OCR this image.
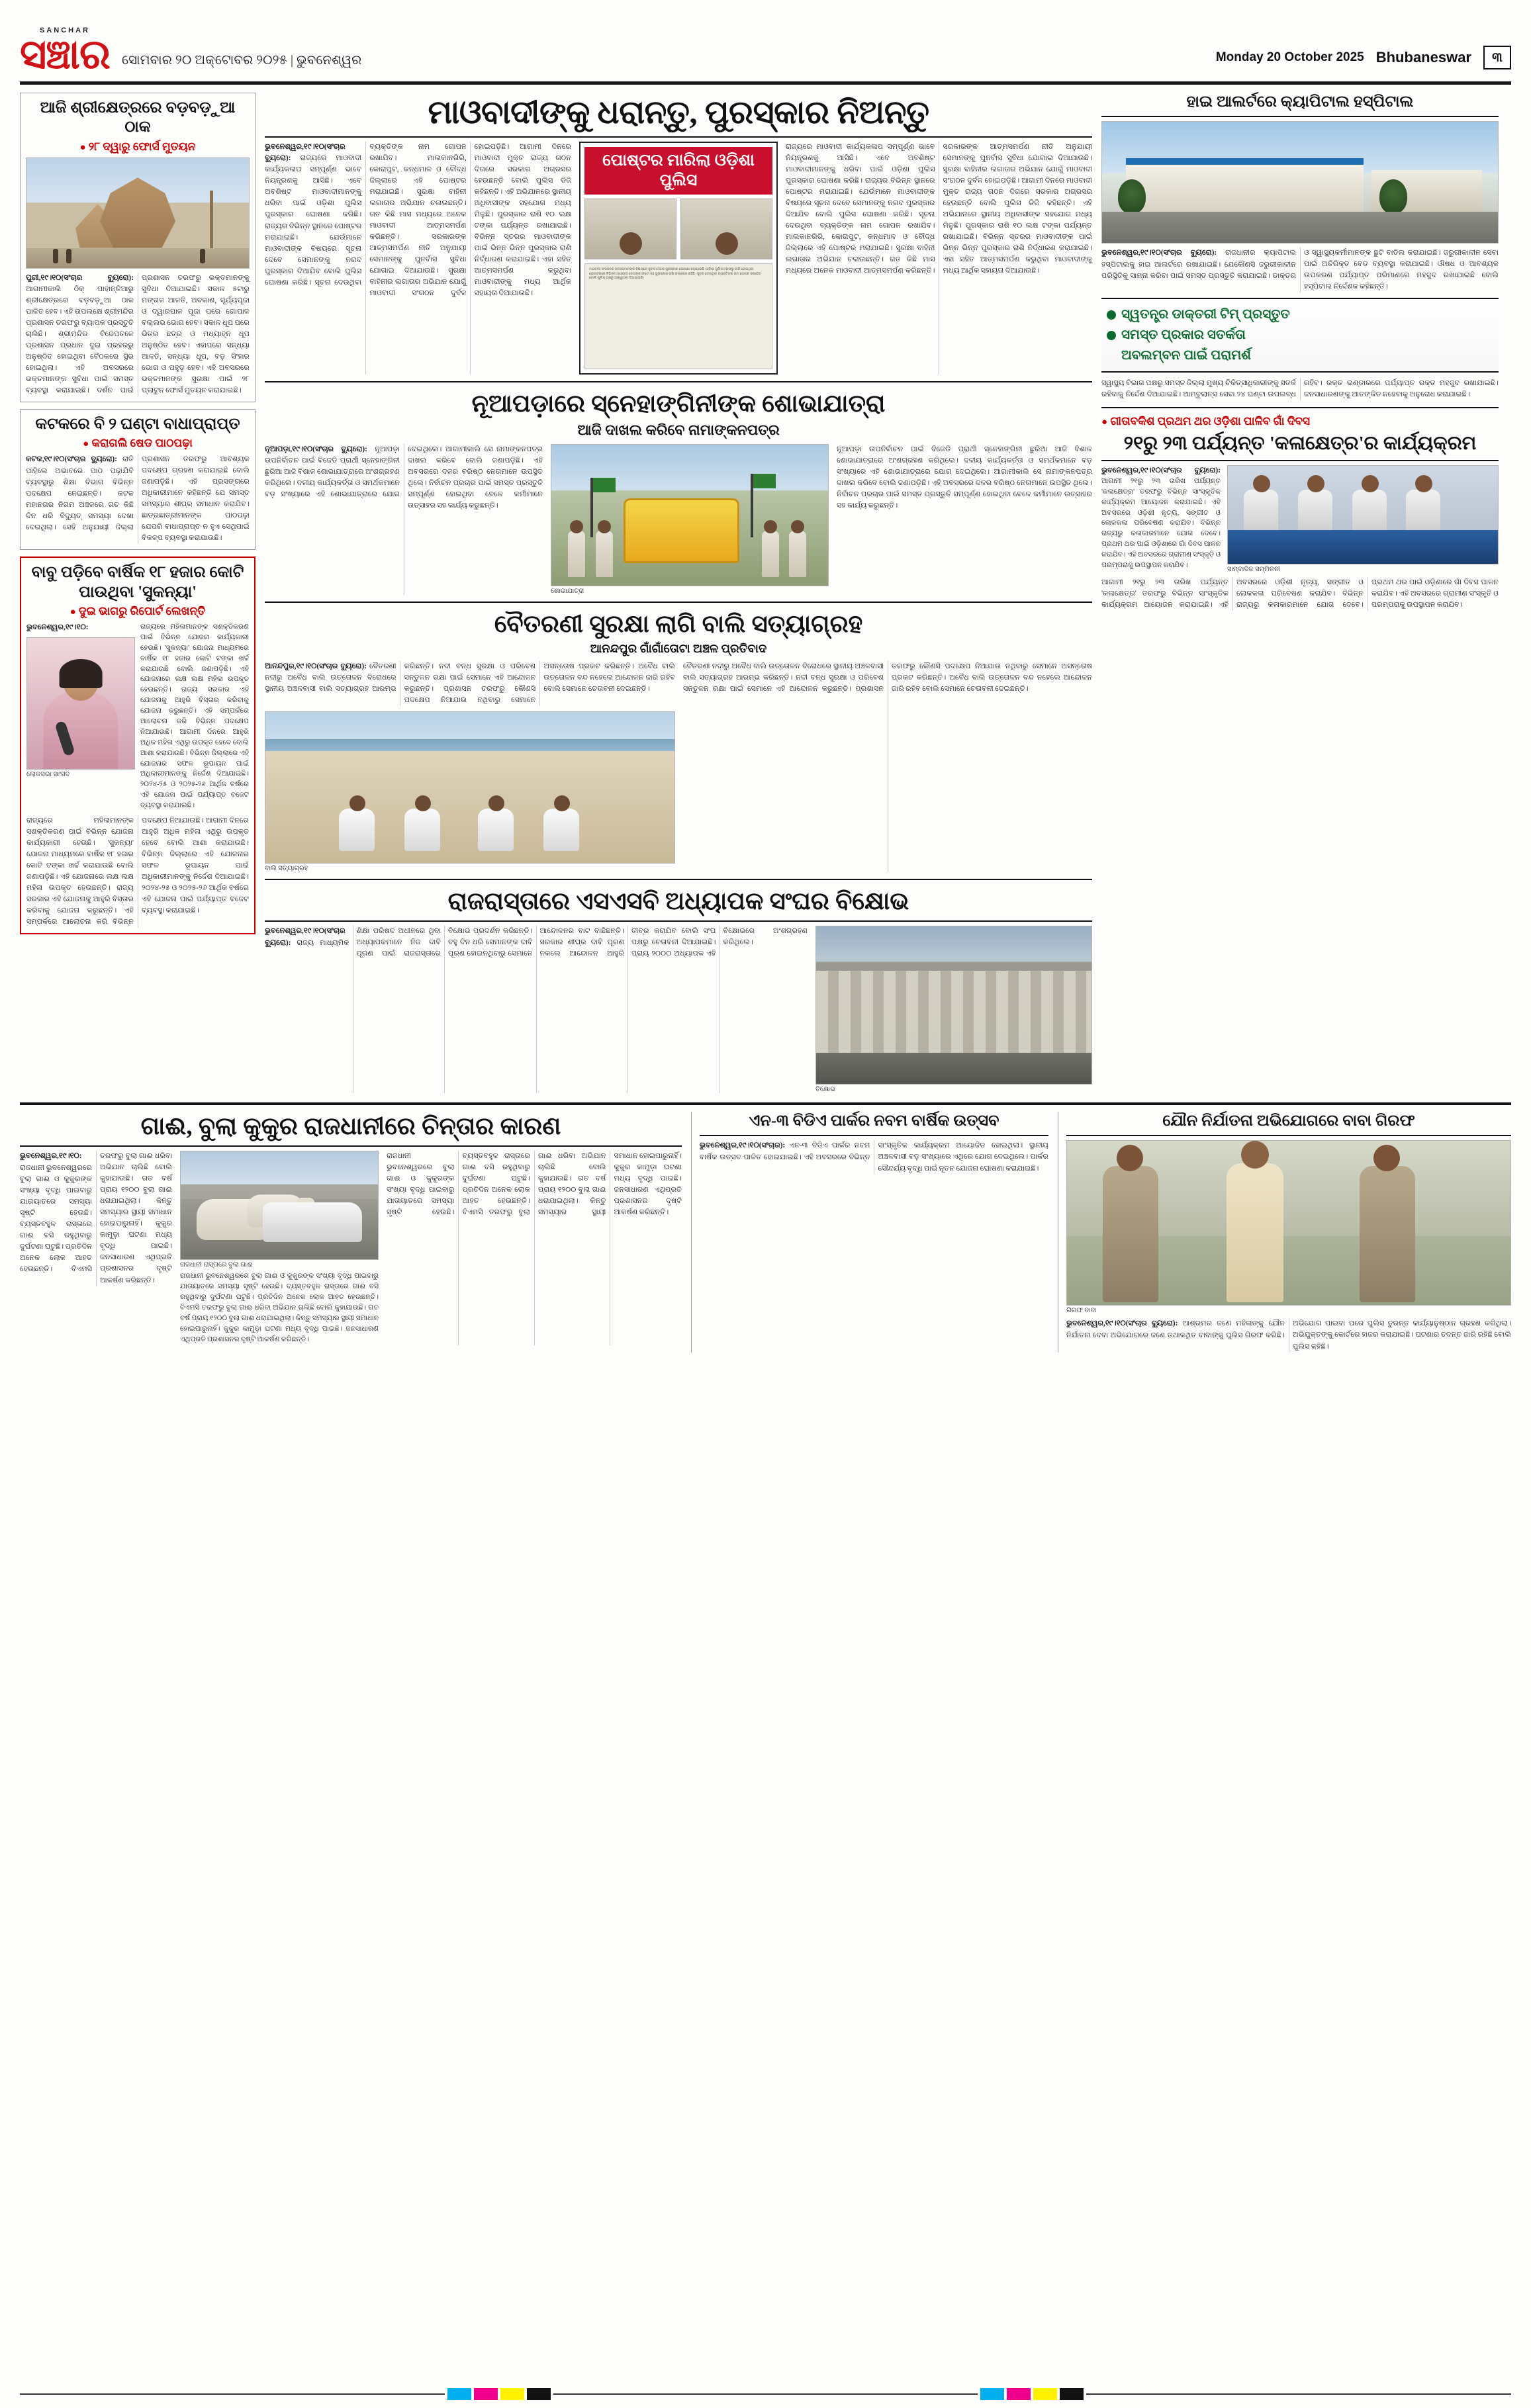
SANCHAR
ସଞ୍ଚାର ସୋମବାର ୨୦ ଅକ୍ଟୋବର ୨୦୨୫ | ଭୁବନେଶ୍ୱର	Monday 20 October 2025 Bhubaneswar	୩
ଆଜି ଶ୍ରୀକ୍ଷେତ୍ରରେ ବଡ଼ବଡ଼ୁଆ ଠାକ
● ୨୮ ଦ୍ୱାରୁ ଫୋର୍ସ ମୁତୟନ
ପୁରୀ,୧୯।୧୦(ସଂଚାର ବ୍ୟୁରୋ): ଆଗାମୀକାଲି ଠିକ୍ ପାହାନ୍ତିଆରୁ ଶ୍ରୀକ୍ଷେତ୍ରରେ ବଡ଼ବଡ଼ୁଆ ଠାକ ପାଳିତ ହେବ। ଏହି ଉପଲକ୍ଷେ ଶ୍ରୀମନ୍ଦିର ପ୍ରଶାସନ ତରଫରୁ ବ୍ୟାପକ ପ୍ରସ୍ତୁତି ଚାଲିଛି। ଶ୍ରୀମନ୍ଦିର ବିଜେପତଳେ ପ୍ରଶାସନ ପ୍ରଧାନ ଦୁଇ ପ୍ରହରରୁ ଅନୁଷ୍ଠିତ ହୋଇଥିବା ବୈଠକରେ ସ୍ଥିର ହୋଇଥିଲା। ଏହି ଅବସରରେ ଭକ୍ତମାନଙ୍କ ସୁବିଧା ପାଇଁ ସମସ୍ତ ବ୍ୟବସ୍ଥା କରାଯାଇଛି। ଦର୍ଶନ ପାଇଁ ପ୍ରଶାସନ ତରଫରୁ ଭକ୍ତମାନଙ୍କୁ ସୁବିଧା ଦିଆଯାଇଛି। ସକାଳ ୫ଟାରୁ ମଙ୍ଗଳ ଆଳତି, ଅବକାଶ, ସୂର୍ଯ୍ୟପୂଜା ଓ ଦ୍ୱାରପାଳ ପୂଜା ପରେ ଗୋପାଳ ବଲ୍ଲଭ ଭୋଗ ହେବ। ସକାଳ ଧୂପ ପରେ ଭିତର ଛତ୍ର ଓ ମଧ୍ୟାହ୍ନ ଧୂପ ଅନୁଷ୍ଠିତ ହେବ। ଏହାପରେ ସନ୍ଧ୍ୟା ଆଳତି, ସନ୍ଧ୍ୟା ଧୂପ, ବଡ଼ ସିଂହାର ଭୋଗ ଓ ପହୁଡ଼ ହେବ। ଏହି ଅବସରରେ ଭକ୍ତମାନଙ୍କ ସୁରକ୍ଷା ପାଇଁ ୨୮ ପ୍ଲାଟୁନ ଫୋର୍ସ ମୁତୟନ କରାଯାଇଛି।
କଟକରେ ବି ୨ ଘଣ୍ଟା ବାଧାପ୍ରାପ୍ତ
● କରାଗଲି ଷେଡ ପାଠପଢ଼ା
କଟକ,୧୯।୧୦(ସଂଚାର ବ୍ୟୁରୋ): ରାତି ପାହିଲେ ଅଭାବରେ ପାଠ ପଢ଼ାଯିବି ବ୍ୟବସ୍ଥାରୁ ଶିକ୍ଷା ବିଭାଗ ବିଭିନ୍ନ ପଦକ୍ଷେପ ନେଇଛନ୍ତି। କଟକ ମହାନଗର ନିଗମ ଅଞ୍ଚଳରେ ଗତ କିଛି ଦିନ ଧରି ବିଦ୍ୟୁତ୍ ସମସ୍ୟା ଦେଖା ଦେଇଥିଲା। ସେହି ଅନୁଯାୟୀ ଜିଲ୍ଲା ପ୍ରଶାସନ ତରଫରୁ ଆବଶ୍ୟକ ପଦକ୍ଷେପ ଗ୍ରହଣ କରାଯାଇଛି ବୋଲି ଜଣାପଡ଼ିଛି। ଏହି ପ୍ରସଙ୍ଗରେ ଅଧିକାରୀମାନେ କହିଛନ୍ତି ଯେ ସମସ୍ତ ସମସ୍ୟାର ଶୀଘ୍ର ସମାଧାନ କରାଯିବ। ଛାତ୍ରଛାତ୍ରୀମାନଙ୍କ ପାଠପଢ଼ା ଯେପରି ବାଧାପ୍ରାପ୍ତ ନ ହୁଏ ସେଥିପାଇଁ ବିକଳ୍ପ ବ୍ୟବସ୍ଥା କରାଯାଉଛି।
ବାବୁ ପଡ଼ିବେ ବାର୍ଷିକ ୧୮ ହଜାର କୋଟି ପାଉଥିବା 'ସୁକନ୍ୟା'
● ଦୁଇ ଭାଗରୁ ରିପୋର୍ଟ ଲେଖନ୍ତି
ଭୁବନେଶ୍ୱର,୧୯।୧୦:
ଲୋକସଭା ସାଂସଦ
ରାଜ୍ୟରେ ମହିଳାମାନଙ୍କ ସଶକ୍ତିକରଣ ପାଇଁ ବିଭିନ୍ନ ଯୋଜନା କାର୍ଯ୍ୟକାରୀ ହେଉଛି। 'ସୁକନ୍ୟା' ଯୋଜନା ମାଧ୍ୟମରେ ବାର୍ଷିକ ୧୮ ହଜାର କୋଟି ଟଙ୍କା ଖର୍ଚ୍ଚ କରାଯାଉଛି ବୋଲି ଜଣାପଡ଼ିଛି। ଏହି ଯୋଜନାରେ ଲକ୍ଷ ଲକ୍ଷ ମହିଳା ଉପକୃତ ହେଉଛନ୍ତି। ରାଜ୍ୟ ସରକାର ଏହି ଯୋଜନାକୁ ଆହୁରି ବିସ୍ତାର କରିବାକୁ ଯୋଜନା କରୁଛନ୍ତି। ଏହି ସମ୍ପର୍କରେ ଆଲୋଚନା କରି ବିଭିନ୍ନ ପଦକ୍ଷେପ ନିଆଯାଉଛି। ଆଗାମୀ ଦିନରେ ଆହୁରି ଅଧିକ ମହିଳା ଏଥିରୁ ଉପକୃତ ହେବେ ବୋଲି ଆଶା କରାଯାଉଛି। ବିଭିନ୍ନ ଜିଲ୍ଲାରେ ଏହି ଯୋଜନାର ସଫଳ ରୂପାୟନ ପାଇଁ ଅଧିକାରୀମାନଙ୍କୁ ନିର୍ଦ୍ଦେଶ ଦିଆଯାଇଛି। ୨୦୨୪-୨୫ ଓ ୨୦୨୫-୨୬ ଆର୍ଥିକ ବର୍ଷରେ ଏହି ଯୋଜନା ପାଇଁ ପର୍ଯ୍ୟାପ୍ତ ବଜେଟ ବ୍ୟବସ୍ଥା କରାଯାଇଛି।
ରାଜ୍ୟରେ ମହିଳାମାନଙ୍କ ସଶକ୍ତିକରଣ ପାଇଁ ବିଭିନ୍ନ ଯୋଜନା କାର୍ଯ୍ୟକାରୀ ହେଉଛି। 'ସୁକନ୍ୟା' ଯୋଜନା ମାଧ୍ୟମରେ ବାର୍ଷିକ ୧୮ ହଜାର କୋଟି ଟଙ୍କା ଖର୍ଚ୍ଚ କରାଯାଉଛି ବୋଲି ଜଣାପଡ଼ିଛି। ଏହି ଯୋଜନାରେ ଲକ୍ଷ ଲକ୍ଷ ମହିଳା ଉପକୃତ ହେଉଛନ୍ତି। ରାଜ୍ୟ ସରକାର ଏହି ଯୋଜନାକୁ ଆହୁରି ବିସ୍ତାର କରିବାକୁ ଯୋଜନା କରୁଛନ୍ତି। ଏହି ସମ୍ପର୍କରେ ଆଲୋଚନା କରି ବିଭିନ୍ନ ପଦକ୍ଷେପ ନିଆଯାଉଛି। ଆଗାମୀ ଦିନରେ ଆହୁରି ଅଧିକ ମହିଳା ଏଥିରୁ ଉପକୃତ ହେବେ ବୋଲି ଆଶା କରାଯାଉଛି। ବିଭିନ୍ନ ଜିଲ୍ଲାରେ ଏହି ଯୋଜନାର ସଫଳ ରୂପାୟନ ପାଇଁ ଅଧିକାରୀମାନଙ୍କୁ ନିର୍ଦ୍ଦେଶ ଦିଆଯାଇଛି। ୨୦୨୪-୨୫ ଓ ୨୦୨୫-୨୬ ଆର୍ଥିକ ବର୍ଷରେ ଏହି ଯୋଜନା ପାଇଁ ପର୍ଯ୍ୟାପ୍ତ ବଜେଟ ବ୍ୟବସ୍ଥା କରାଯାଇଛି।
ମାଓବାଦୀଙ୍କୁ ଧରାନ୍ତୁ, ପୁରସ୍କାର ନିଅନ୍ତୁ
ଭୁବନେଶ୍ୱର,୧୯।୧୦(ସଂଚାର ବ୍ୟୁରୋ): ରାଜ୍ୟରେ ମାଓବାଦୀ କାର୍ଯ୍ୟକଳାପ ସମ୍ପୂର୍ଣ୍ଣ ଭାବେ ନିୟନ୍ତ୍ରଣକୁ ଆସିଛି। ଏବେ ଅବଶିଷ୍ଟ ମାଓବାଦୀମାନଙ୍କୁ ଧରିବା ପାଇଁ ଓଡ଼ିଶା ପୁଲିସ ପୁରସ୍କାର ଘୋଷଣା କରିଛି। ରାଜ୍ୟର ବିଭିନ୍ନ ସ୍ଥାନରେ ପୋଷ୍ଟର ମରାଯାଇଛି। ଯେଉଁମାନେ ମାଓବାଦୀଙ୍କ ବିଷୟରେ ସୂଚନା ଦେବେ ସେମାନଙ୍କୁ ନଗଦ ପୁରସ୍କାର ଦିଆଯିବ ବୋଲି ପୁଲିସ ଘୋଷଣା କରିଛି। ସୂଚନା ଦେଉଥିବା ବ୍ୟକ୍ତିଙ୍କ ନାମ ଗୋପନ ରଖାଯିବ। ମାଲକାନଗିରି, କୋରାପୁଟ, କନ୍ଧମାଳ ଓ ବୌଦ୍ଧ ଜିଲ୍ଲାରେ ଏହି ପୋଷ୍ଟର ମରାଯାଇଛି। ସୁରକ୍ଷା ବାହିନୀ ଲଗାତାର ଅଭିଯାନ ଚଳାଉଛନ୍ତି। ଗତ କିଛି ମାସ ମଧ୍ୟରେ ଅନେକ ମାଓବାଦୀ ଆତ୍ମସମର୍ପଣ କରିଛନ୍ତି। ସରକାରଙ୍କ ଆତ୍ମସମର୍ପଣ ନୀତି ଅନୁଯାୟୀ ସେମାନଙ୍କୁ ପୁନର୍ବାସ ସୁବିଧା ଯୋଗାଇ ଦିଆଯାଉଛି। ସୁରକ୍ଷା ବାହିନୀର ଲଗାତାର ଅଭିଯାନ ଯୋଗୁଁ ମାଓବାଦୀ ସଂଗଠନ ଦୁର୍ବଳ ହୋଇପଡ଼ିଛି। ଆଗାମୀ ଦିନରେ ମାଓବାଦୀ ମୁକ୍ତ ରାଜ୍ୟ ଗଠନ ଦିଗରେ ସରକାର ଅଗ୍ରସର ହେଉଛନ୍ତି ବୋଲି ପୁଲିସ ଡିଜି କହିଛନ୍ତି। ଏହି ଅଭିଯାନରେ ସ୍ଥାନୀୟ ଅଧିବାସୀଙ୍କ ସହଯୋଗ ମଧ୍ୟ ମିଳୁଛି। ପୁରସ୍କାର ରାଶି ୧୦ ଲକ୍ଷ ଟଙ୍କା ପର୍ଯ୍ୟନ୍ତ ରଖାଯାଇଛି। ବିଭିନ୍ନ ସ୍ତରର ମାଓବାଦୀଙ୍କ ପାଇଁ ଭିନ୍ନ ଭିନ୍ନ ପୁରସ୍କାର ରାଶି ନିର୍ଦ୍ଧାରଣ କରାଯାଇଛି। ଏହା ସହିତ ଆତ୍ମସମର୍ପଣ କରୁଥିବା ମାଓବାଦୀଙ୍କୁ ମଧ୍ୟ ଆର୍ଥିକ ସହାୟତା ଦିଆଯାଉଛି।
ପୋଷ୍ଟର ମାରିଲା ଓଡ଼ିଶା ପୁଲିସ
ମାଓବାଦୀ ସଂଗଠନର ସଦସ୍ୟମାନଙ୍କ ବିଷୟରେ ସୂଚନା ଦେଲେ ପୁରସ୍କାର ଘୋଷଣା କରାଯାଇଛି। ଓଡ଼ିଶା ପୁଲିସ ତରଫରୁ ଜାରି ହୋଇଥିବା ପୋଷ୍ଟରରେ ବିଭିନ୍ନ ମାଓବାଦୀ ନେତାଙ୍କ ଫଟୋ ସହ ପୁରସ୍କାର ରାଶି ଉଲ୍ଲେଖ ରହିଛି। ସୂଚନା ଦେଉଥିବା ବ୍ୟକ୍ତିଙ୍କ ନାମ ଗୋପନ ରଖାଯିବ ବୋଲି ପୁଲିସ ପକ୍ଷରୁ ଆଶ୍ୱାସନା ଦିଆଯାଇଛି।
ରାଜ୍ୟରେ ମାଓବାଦୀ କାର୍ଯ୍ୟକଳାପ ସମ୍ପୂର୍ଣ୍ଣ ଭାବେ ନିୟନ୍ତ୍ରଣକୁ ଆସିଛି। ଏବେ ଅବଶିଷ୍ଟ ମାଓବାଦୀମାନଙ୍କୁ ଧରିବା ପାଇଁ ଓଡ଼ିଶା ପୁଲିସ ପୁରସ୍କାର ଘୋଷଣା କରିଛି। ରାଜ୍ୟର ବିଭିନ୍ନ ସ୍ଥାନରେ ପୋଷ୍ଟର ମରାଯାଇଛି। ଯେଉଁମାନେ ମାଓବାଦୀଙ୍କ ବିଷୟରେ ସୂଚନା ଦେବେ ସେମାନଙ୍କୁ ନଗଦ ପୁରସ୍କାର ଦିଆଯିବ ବୋଲି ପୁଲିସ ଘୋଷଣା କରିଛି। ସୂଚନା ଦେଉଥିବା ବ୍ୟକ୍ତିଙ୍କ ନାମ ଗୋପନ ରଖାଯିବ। ମାଲକାନଗିରି, କୋରାପୁଟ, କନ୍ଧମାଳ ଓ ବୌଦ୍ଧ ଜିଲ୍ଲାରେ ଏହି ପୋଷ୍ଟର ମରାଯାଇଛି। ସୁରକ୍ଷା ବାହିନୀ ଲଗାତାର ଅଭିଯାନ ଚଳାଉଛନ୍ତି। ଗତ କିଛି ମାସ ମଧ୍ୟରେ ଅନେକ ମାଓବାଦୀ ଆତ୍ମସମର୍ପଣ କରିଛନ୍ତି। ସରକାରଙ୍କ ଆତ୍ମସମର୍ପଣ ନୀତି ଅନୁଯାୟୀ ସେମାନଙ୍କୁ ପୁନର୍ବାସ ସୁବିଧା ଯୋଗାଇ ଦିଆଯାଉଛି। ସୁରକ୍ଷା ବାହିନୀର ଲଗାତାର ଅଭିଯାନ ଯୋଗୁଁ ମାଓବାଦୀ ସଂଗଠନ ଦୁର୍ବଳ ହୋଇପଡ଼ିଛି। ଆଗାମୀ ଦିନରେ ମାଓବାଦୀ ମୁକ୍ତ ରାଜ୍ୟ ଗଠନ ଦିଗରେ ସରକାର ଅଗ୍ରସର ହେଉଛନ୍ତି ବୋଲି ପୁଲିସ ଡିଜି କହିଛନ୍ତି। ଏହି ଅଭିଯାନରେ ସ୍ଥାନୀୟ ଅଧିବାସୀଙ୍କ ସହଯୋଗ ମଧ୍ୟ ମିଳୁଛି। ପୁରସ୍କାର ରାଶି ୧୦ ଲକ୍ଷ ଟଙ୍କା ପର୍ଯ୍ୟନ୍ତ ରଖାଯାଇଛି। ବିଭିନ୍ନ ସ୍ତରର ମାଓବାଦୀଙ୍କ ପାଇଁ ଭିନ୍ନ ଭିନ୍ନ ପୁରସ୍କାର ରାଶି ନିର୍ଦ୍ଧାରଣ କରାଯାଇଛି। ଏହା ସହିତ ଆତ୍ମସମର୍ପଣ କରୁଥିବା ମାଓବାଦୀଙ୍କୁ ମଧ୍ୟ ଆର୍ଥିକ ସହାୟତା ଦିଆଯାଉଛି।
ନୂଆପଡ଼ାରେ ସ୍ନେହାଙ୍ଗିନୀଙ୍କ ଶୋଭାଯାତ୍ରା
ଆଜି ଦାଖଲ କରିବେ ନାମାଙ୍କନପତ୍ର
ନୂଆପଡ଼ା,୧୯।୧୦(ସଂଚାର ବ୍ୟୁରୋ): ନୂଆପଡ଼ା ଉପନିର୍ବାଚନ ପାଇଁ ବିଜେଡି ପ୍ରାର୍ଥୀ ସ୍ନେହାଙ୍ଗିନୀ ଛୁରିଆ ଆଜି ବିଶାଳ ଶୋଭାଯାତ୍ରାରେ ଅଂଶଗ୍ରହଣ କରିଥିଲେ। ଦଳୀୟ କାର୍ଯ୍ୟକର୍ତ୍ତା ଓ ସମର୍ଥକମାନେ ବଡ଼ ସଂଖ୍ୟାରେ ଏହି ଶୋଭାଯାତ୍ରାରେ ଯୋଗ ଦେଇଥିଲେ। ଆଗାମୀକାଲି ସେ ନାମାଙ୍କନପତ୍ର ଦାଖଲ କରିବେ ବୋଲି ଜଣାପଡ଼ିଛି। ଏହି ଅବସରରେ ଦଳର ବରିଷ୍ଠ ନେତାମାନେ ଉପସ୍ଥିତ ଥିଲେ। ନିର୍ବାଚନ ପ୍ରଚାର ପାଇଁ ସମସ୍ତ ପ୍ରସ୍ତୁତି ସମ୍ପୂର୍ଣ୍ଣ ହୋଇଥିବା ବେଳେ କର୍ମୀମାନେ ଉତ୍ସାହର ସହ କାର୍ଯ୍ୟ କରୁଛନ୍ତି।
ଶୋଭାଯାତ୍ରା
ନୂଆପଡ଼ା ଉପନିର୍ବାଚନ ପାଇଁ ବିଜେଡି ପ୍ରାର୍ଥୀ ସ୍ନେହାଙ୍ଗିନୀ ଛୁରିଆ ଆଜି ବିଶାଳ ଶୋଭାଯାତ୍ରାରେ ଅଂଶଗ୍ରହଣ କରିଥିଲେ। ଦଳୀୟ କାର୍ଯ୍ୟକର୍ତ୍ତା ଓ ସମର୍ଥକମାନେ ବଡ଼ ସଂଖ୍ୟାରେ ଏହି ଶୋଭାଯାତ୍ରାରେ ଯୋଗ ଦେଇଥିଲେ। ଆଗାମୀକାଲି ସେ ନାମାଙ୍କନପତ୍ର ଦାଖଲ କରିବେ ବୋଲି ଜଣାପଡ଼ିଛି। ଏହି ଅବସରରେ ଦଳର ବରିଷ୍ଠ ନେତାମାନେ ଉପସ୍ଥିତ ଥିଲେ। ନିର୍ବାଚନ ପ୍ରଚାର ପାଇଁ ସମସ୍ତ ପ୍ରସ୍ତୁତି ସମ୍ପୂର୍ଣ୍ଣ ହୋଇଥିବା ବେଳେ କର୍ମୀମାନେ ଉତ୍ସାହର ସହ କାର୍ଯ୍ୟ କରୁଛନ୍ତି।
ବୈତରଣୀ ସୁରକ୍ଷା ଲାଗି ବାଲି ସତ୍ୟାଗ୍ରହ
ଆନନ୍ଦପୁର ଗାଁଗାଁତୋଟା ଅଞ୍ଚଳ ପ୍ରତିବାଦ
ଆନନ୍ଦପୁର,୧୯।୧୦(ସଂଚାର ବ୍ୟୁରୋ): ବୈତରଣୀ ନଦୀରୁ ଅବୈଧ ବାଲି ଉତ୍ତୋଳନ ବିରୋଧରେ ସ୍ଥାନୀୟ ଅଞ୍ଚଳବାସୀ ବାଲି ସତ୍ୟାଗ୍ରହ ଆରମ୍ଭ କରିଛନ୍ତି। ନଦୀ ବନ୍ଧ ସୁରକ୍ଷା ଓ ପରିବେଶ ସନ୍ତୁଳନ ରକ୍ଷା ପାଇଁ ସେମାନେ ଏହି ଆନ୍ଦୋଳନ କରୁଛନ୍ତି। ପ୍ରଶାସନ ତରଫରୁ କୌଣସି ପଦକ୍ଷେପ ନିଆଯାଉ ନଥିବାରୁ ସେମାନେ ଅସନ୍ତୋଷ ପ୍ରକଟ କରିଛନ୍ତି। ଅବୈଧ ବାଲି ଉତ୍ତୋଳନ ବନ୍ଦ ନହେଲେ ଆନ୍ଦୋଳନ ଜାରି ରହିବ ବୋଲି ସେମାନେ ଚେତାବନୀ ଦେଇଛନ୍ତି।
ବାଲି ସତ୍ୟାଗ୍ରହ
ବୈତରଣୀ ନଦୀରୁ ଅବୈଧ ବାଲି ଉତ୍ତୋଳନ ବିରୋଧରେ ସ୍ଥାନୀୟ ଅଞ୍ଚଳବାସୀ ବାଲି ସତ୍ୟାଗ୍ରହ ଆରମ୍ଭ କରିଛନ୍ତି। ନଦୀ ବନ୍ଧ ସୁରକ୍ଷା ଓ ପରିବେଶ ସନ୍ତୁଳନ ରକ୍ଷା ପାଇଁ ସେମାନେ ଏହି ଆନ୍ଦୋଳନ କରୁଛନ୍ତି। ପ୍ରଶାସନ ତରଫରୁ କୌଣସି ପଦକ୍ଷେପ ନିଆଯାଉ ନଥିବାରୁ ସେମାନେ ଅସନ୍ତୋଷ ପ୍ରକଟ କରିଛନ୍ତି। ଅବୈଧ ବାଲି ଉତ୍ତୋଳନ ବନ୍ଦ ନହେଲେ ଆନ୍ଦୋଳନ ଜାରି ରହିବ ବୋଲି ସେମାନେ ଚେତାବନୀ ଦେଇଛନ୍ତି।
ରାଜରାସ୍ତାରେ ଏସଏସବି ଅଧ୍ୟାପକ ସଂଘର ବିକ୍ଷୋଭ
ଭୁବନେଶ୍ୱର,୧୯।୧୦(ସଂଚାର ବ୍ୟୁରୋ): ରାଜ୍ୟ ମାଧ୍ୟମିକ ଶିକ୍ଷା ପରିଷଦ ଅଧୀନରେ ଥିବା ଅଧ୍ୟାପକମାନେ ନିଜ ଦାବି ପୂରଣ ପାଇଁ ରାଜରାସ୍ତାରେ ବିକ୍ଷୋଭ ପ୍ରଦର୍ଶନ କରିଛନ୍ତି। ବହୁ ଦିନ ଧରି ସେମାନଙ୍କ ଦାବି ପୂରଣ ହୋଇନଥିବାରୁ ସେମାନେ ଆନ୍ଦୋଳନର ବାଟ ବାଛିଛନ୍ତି। ସରକାର ଶୀଘ୍ର ଦାବି ପୂରଣ ନକଲେ ଆନ୍ଦୋଳନ ଆହୁରି ତୀବ୍ର କରାଯିବ ବୋଲି ସଂଘ ପକ୍ଷରୁ ଚେତାବନୀ ଦିଆଯାଇଛି। ପ୍ରାୟ ୨୦୦୦ ଅଧ୍ୟାପକ ଏହି ବିକ୍ଷୋଭରେ ଅଂଶଗ୍ରହଣ କରିଥିଲେ।
ବିକ୍ଷୋଭ
ହାଇ ଆଲର୍ଟରେ କ୍ୟାପିଟାଲ ହସ୍ପିଟାଲ
ଭୁବନେଶ୍ୱର,୧୯।୧୦(ସଂଚାର ବ୍ୟୁରୋ): ରାଜଧାନୀର କ୍ୟାପିଟାଲ ହସ୍ପିଟାଲକୁ ହାଇ ଆଲର୍ଟରେ ରଖାଯାଇଛି। ଯେକୌଣସି ଜରୁରୀକାଳୀନ ପରିସ୍ଥିତିକୁ ସାମ୍ନା କରିବା ପାଇଁ ସମସ୍ତ ପ୍ରସ୍ତୁତି କରାଯାଇଛି। ଡାକ୍ତର ଓ ସ୍ୱାସ୍ଥ୍ୟକର୍ମୀମାନଙ୍କ ଛୁଟି ବାତିଲ କରାଯାଇଛି। ଜରୁରୀକାଳୀନ ସେବା ପାଇଁ ଅତିରିକ୍ତ ବେଡ ବ୍ୟବସ୍ଥା କରାଯାଇଛି। ଔଷଧ ଓ ଆବଶ୍ୟକ ଉପକରଣ ପର୍ଯ୍ୟାପ୍ତ ପରିମାଣରେ ମହଜୁଦ ରଖାଯାଇଛି ବୋଲି ହସ୍ପିଟାଲ ନିର୍ଦ୍ଦେଶକ କହିଛନ୍ତି।
ସ୍ୱତନ୍ତ୍ର ଡାକ୍ତରୀ ଟିମ୍ ପ୍ରସ୍ତୁତ
ସମସ୍ତ ପ୍ରକାର ସତର୍କତା
ଅବଲମ୍ବନ ପାଇଁ ପରାମର୍ଶ
ସ୍ୱାସ୍ଥ୍ୟ ବିଭାଗ ପକ୍ଷରୁ ସମସ୍ତ ଜିଲ୍ଲା ମୁଖ୍ୟ ଚିକିତ୍ସାଧିକାରୀଙ୍କୁ ସତର୍କ ରହିବାକୁ ନିର୍ଦ୍ଦେଶ ଦିଆଯାଇଛି। ଆମ୍ବୁଲାନ୍ସ ସେବା ୨୪ ଘଣ୍ଟା ଉପଲବ୍ଧ ରହିବ। ରକ୍ତ ଭଣ୍ଡାରରେ ପର୍ଯ୍ୟାପ୍ତ ରକ୍ତ ମହଜୁଦ ରଖାଯାଇଛି। ଜନସାଧାରଣଙ୍କୁ ଆତଙ୍କିତ ନହେବାକୁ ଅନୁରୋଧ କରାଯାଇଛି।
● ଗୀତାବକିଶ ପ୍ରଥମ ଥର ଓଡ଼ିଶା ପାଳିବ ଗାଁ ଦିବସ
୨୧ରୁ ୨୩ ପର୍ଯ୍ୟନ୍ତ 'କଳାକ୍ଷେତ୍ର'ର କାର୍ଯ୍ୟକ୍ରମ
ଭୁବନେଶ୍ୱର,୧୯।୧୦(ସଂଚାର ବ୍ୟୁରୋ): ଆଗାମୀ ୨୧ରୁ ୨୩ ତାରିଖ ପର୍ଯ୍ୟନ୍ତ 'କଳାକ୍ଷେତ୍ର' ତରଫରୁ ବିଭିନ୍ନ ସାଂସ୍କୃତିକ କାର୍ଯ୍ୟକ୍ରମ ଆୟୋଜନ କରାଯାଇଛି। ଏହି ଅବସରରେ ଓଡ଼ିଶୀ ନୃତ୍ୟ, ସଙ୍ଗୀତ ଓ ଲୋକକଳା ପରିବେଷଣ କରାଯିବ। ବିଭିନ୍ନ ରାଜ୍ୟରୁ କଳାକାରମାନେ ଯୋଗ ଦେବେ। ପ୍ରଥମ ଥର ପାଇଁ ଓଡ଼ିଶାରେ ଗାଁ ଦିବସ ପାଳନ କରାଯିବ। ଏହି ଅବସରରେ ଗ୍ରାମୀଣ ସଂସ୍କୃତି ଓ ପରମ୍ପରାକୁ ଉପସ୍ଥାପନ କରାଯିବ।
ସାମ୍ବାଦିକ ସମ୍ମିଳନୀ
ଆଗାମୀ ୨୧ରୁ ୨୩ ତାରିଖ ପର୍ଯ୍ୟନ୍ତ 'କଳାକ୍ଷେତ୍ର' ତରଫରୁ ବିଭିନ୍ନ ସାଂସ୍କୃତିକ କାର୍ଯ୍ୟକ୍ରମ ଆୟୋଜନ କରାଯାଇଛି। ଏହି ଅବସରରେ ଓଡ଼ିଶୀ ନୃତ୍ୟ, ସଙ୍ଗୀତ ଓ ଲୋକକଳା ପରିବେଷଣ କରାଯିବ। ବିଭିନ୍ନ ରାଜ୍ୟରୁ କଳାକାରମାନେ ଯୋଗ ଦେବେ। ପ୍ରଥମ ଥର ପାଇଁ ଓଡ଼ିଶାରେ ଗାଁ ଦିବସ ପାଳନ କରାଯିବ। ଏହି ଅବସରରେ ଗ୍ରାମୀଣ ସଂସ୍କୃତି ଓ ପରମ୍ପରାକୁ ଉପସ୍ଥାପନ କରାଯିବ।
ଗାଈ, ବୁଲା କୁକୁର ରାଜଧାନୀରେ ଚିନ୍ତାର କାରଣ
ଭୁବନେଶ୍ୱର,୧୯।୧୦: ରାଜଧାନୀ ଭୁବନେଶ୍ୱରରେ ବୁଲା ଗାଈ ଓ କୁକୁରଙ୍କ ସଂଖ୍ୟା ବୃଦ୍ଧି ପାଇବାରୁ ଯାତାୟାତରେ ସମସ୍ୟା ସୃଷ୍ଟି ହେଉଛି। ବ୍ୟସ୍ତବହୁଳ ରାସ୍ତାରେ ଗାଈ ବସି ରହୁଥିବାରୁ ଦୁର୍ଘଟଣା ଘଟୁଛି। ପ୍ରତିଦିନ ଅନେକ ଲୋକ ଆହତ ହେଉଛନ୍ତି। ବିଏମସି ତରଫରୁ ବୁଲା ଗାଈ ଧରିବା ଅଭିଯାନ ଚାଲିଛି ବୋଲି କୁହାଯାଉଛି। ଗତ ବର୍ଷ ପ୍ରାୟ ୧୨୦୦ ବୁଲା ଗାଈ ଧରାଯାଇଥିଲା। କିନ୍ତୁ ସମସ୍ୟାର ସ୍ଥାୟୀ ସମାଧାନ ହୋଇପାରୁନାହିଁ। କୁକୁର କାମୁଡ଼ା ଘଟଣା ମଧ୍ୟ ବୃଦ୍ଧି ପାଇଛି। ଜନସାଧାରଣ ଏଥିପ୍ରତି ପ୍ରଶାସନର ଦୃଷ୍ଟି ଆକର୍ଷଣ କରିଛନ୍ତି।
ରାଜଧାନୀ ରାସ୍ତାରେ ବୁଲା ଗାଈ
ରାଜଧାନୀ ଭୁବନେଶ୍ୱରରେ ବୁଲା ଗାଈ ଓ କୁକୁରଙ୍କ ସଂଖ୍ୟା ବୃଦ୍ଧି ପାଇବାରୁ ଯାତାୟାତରେ ସମସ୍ୟା ସୃଷ୍ଟି ହେଉଛି। ବ୍ୟସ୍ତବହୁଳ ରାସ୍ତାରେ ଗାଈ ବସି ରହୁଥିବାରୁ ଦୁର୍ଘଟଣା ଘଟୁଛି। ପ୍ରତିଦିନ ଅନେକ ଲୋକ ଆହତ ହେଉଛନ୍ତି। ବିଏମସି ତରଫରୁ ବୁଲା ଗାଈ ଧରିବା ଅଭିଯାନ ଚାଲିଛି ବୋଲି କୁହାଯାଉଛି। ଗତ ବର୍ଷ ପ୍ରାୟ ୧୨୦୦ ବୁଲା ଗାଈ ଧରାଯାଇଥିଲା। କିନ୍ତୁ ସମସ୍ୟାର ସ୍ଥାୟୀ ସମାଧାନ ହୋଇପାରୁନାହିଁ। କୁକୁର କାମୁଡ଼ା ଘଟଣା ମଧ୍ୟ ବୃଦ୍ଧି ପାଇଛି। ଜନସାଧାରଣ ଏଥିପ୍ରତି ପ୍ରଶାସନର ଦୃଷ୍ଟି ଆକର୍ଷଣ କରିଛନ୍ତି।
ରାଜଧାନୀ ଭୁବନେଶ୍ୱରରେ ବୁଲା ଗାଈ ଓ କୁକୁରଙ୍କ ସଂଖ୍ୟା ବୃଦ୍ଧି ପାଇବାରୁ ଯାତାୟାତରେ ସମସ୍ୟା ସୃଷ୍ଟି ହେଉଛି। ବ୍ୟସ୍ତବହୁଳ ରାସ୍ତାରେ ଗାଈ ବସି ରହୁଥିବାରୁ ଦୁର୍ଘଟଣା ଘଟୁଛି। ପ୍ରତିଦିନ ଅନେକ ଲୋକ ଆହତ ହେଉଛନ୍ତି। ବିଏମସି ତରଫରୁ ବୁଲା ଗାଈ ଧରିବା ଅଭିଯାନ ଚାଲିଛି ବୋଲି କୁହାଯାଉଛି। ଗତ ବର୍ଷ ପ୍ରାୟ ୧୨୦୦ ବୁଲା ଗାଈ ଧରାଯାଇଥିଲା। କିନ୍ତୁ ସମସ୍ୟାର ସ୍ଥାୟୀ ସମାଧାନ ହୋଇପାରୁନାହିଁ। କୁକୁର କାମୁଡ଼ା ଘଟଣା ମଧ୍ୟ ବୃଦ୍ଧି ପାଇଛି। ଜନସାଧାରଣ ଏଥିପ୍ରତି ପ୍ରଶାସନର ଦୃଷ୍ଟି ଆକର୍ଷଣ କରିଛନ୍ତି।
ଏନ-୩ ବିଡିଏ ପାର୍କର ନବମ ବାର୍ଷିକ ଉତ୍ସବ
ଭୁବନେଶ୍ୱର,୧୯।୧୦(ସଂଚାର): ଏନ-୩ ବିଡିଏ ପାର୍କର ନବମ ବାର୍ଷିକ ଉତ୍ସବ ପାଳିତ ହୋଇଯାଇଛି। ଏହି ଅବସରରେ ବିଭିନ୍ନ ସାଂସ୍କୃତିକ କାର୍ଯ୍ୟକ୍ରମ ଆୟୋଜିତ ହୋଇଥିଲା। ସ୍ଥାନୀୟ ଅଞ୍ଚଳବାସୀ ବଡ଼ ସଂଖ୍ୟାରେ ଏଥିରେ ଯୋଗ ଦେଇଥିଲେ। ପାର୍କର ସୌନ୍ଦର୍ଯ୍ୟ ବୃଦ୍ଧି ପାଇଁ ନୂତନ ଯୋଜନା ଘୋଷଣା କରାଯାଇଛି।
ଯୌନ ନିର୍ଯାତନା ଅଭିଯୋଗରେ ବାବା ଗିରଫ
ଗିରଫ ବାବା
ଭୁବନେଶ୍ୱର,୧୯।୧୦(ସଂଚାର ବ୍ୟୁରୋ): ଆଶ୍ରମର ଜଣେ ମହିଳାଙ୍କୁ ଯୌନ ନିର୍ଯାତନା ଦେବା ଅଭିଯୋଗରେ ଜଣେ ତଥାକଥିତ ବାବାଙ୍କୁ ପୁଲିସ ଗିରଫ କରିଛି। ଅଭିଯୋଗ ପାଇବା ପରେ ପୁଲିସ ତୁରନ୍ତ କାର୍ଯ୍ୟାନୁଷ୍ଠାନ ଗ୍ରହଣ କରିଥିଲା। ଅଭିଯୁକ୍ତଙ୍କୁ କୋର୍ଟରେ ହାଜର କରାଯାଇଛି। ଘଟଣାର ତଦନ୍ତ ଜାରି ରହିଛି ବୋଲି ପୁଲିସ କହିଛି।
